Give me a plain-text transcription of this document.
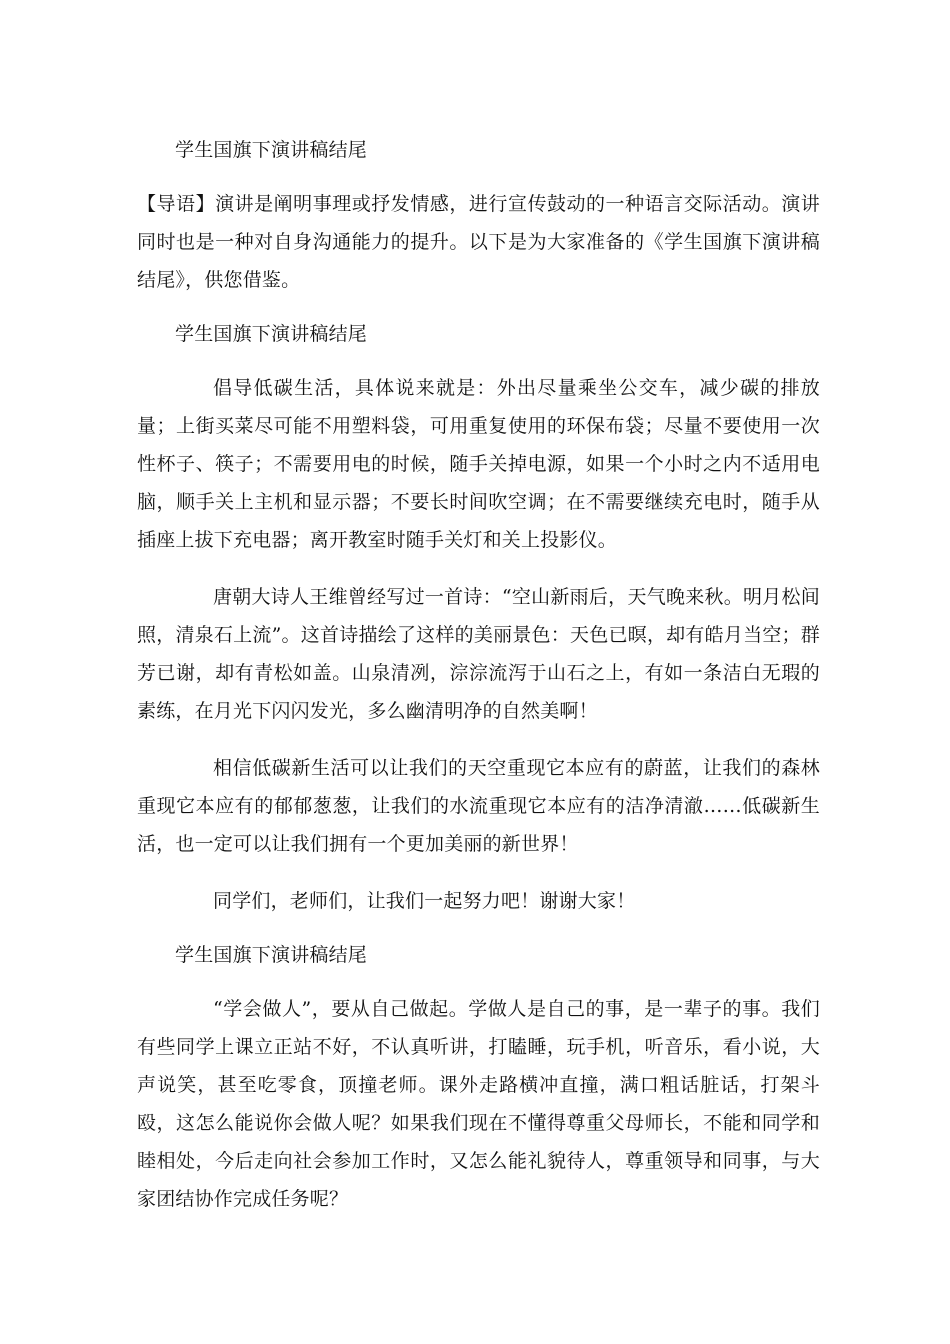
学生国旗下演讲稿结尾

【导语】演讲是阐明事理或抒发情感，进行宣传鼓动的一种语言交际活动。演讲同时也是一种对自身沟通能力的提升。以下是为大家准备的《学生国旗下演讲稿结尾》，供您借鉴。

学生国旗下演讲稿结尾

倡导低碳生活，具体说来就是：外出尽量乘坐公交车，减少碳的排放量；上街买菜尽可能不用塑料袋，可用重复使用的环保布袋；尽量不要使用一次性杯子、筷子；不需要用电的时候，随手关掉电源，如果一个小时之内不适用电脑，顺手关上主机和显示器；不要长时间吹空调；在不需要继续充电时，随手从插座上拔下充电器；离开教室时随手关灯和关上投影仪。

唐朝大诗人王维曾经写过一首诗：“空山新雨后，天气晚来秋。明月松间照，清泉石上流”。这首诗描绘了这样的美丽景色：天色已暝，却有皓月当空；群芳已谢，却有青松如盖。山泉清冽，淙淙流泻于山石之上，有如一条洁白无瑕的素练，在月光下闪闪发光，多么幽清明净的自然美啊！

相信低碳新生活可以让我们的天空重现它本应有的蔚蓝，让我们的森林重现它本应有的郁郁葱葱，让我们的水流重现它本应有的洁净清澈……低碳新生活，也一定可以让我们拥有一个更加美丽的新世界！

同学们，老师们，让我们一起努力吧！谢谢大家！

学生国旗下演讲稿结尾

“学会做人”，要从自己做起。学做人是自己的事，是一辈子的事。我们有些同学上课立正站不好，不认真听讲，打瞌睡，玩手机，听音乐，看小说，大声说笑，甚至吃零食，顶撞老师。课外走路横冲直撞，满口粗话脏话，打架斗殴，这怎么能说你会做人呢？如果我们现在不懂得尊重父母师长，不能和同学和睦相处，今后走向社会参加工作时，又怎么能礼貌待人，尊重领导和同事，与大家团结协作完成任务呢？
